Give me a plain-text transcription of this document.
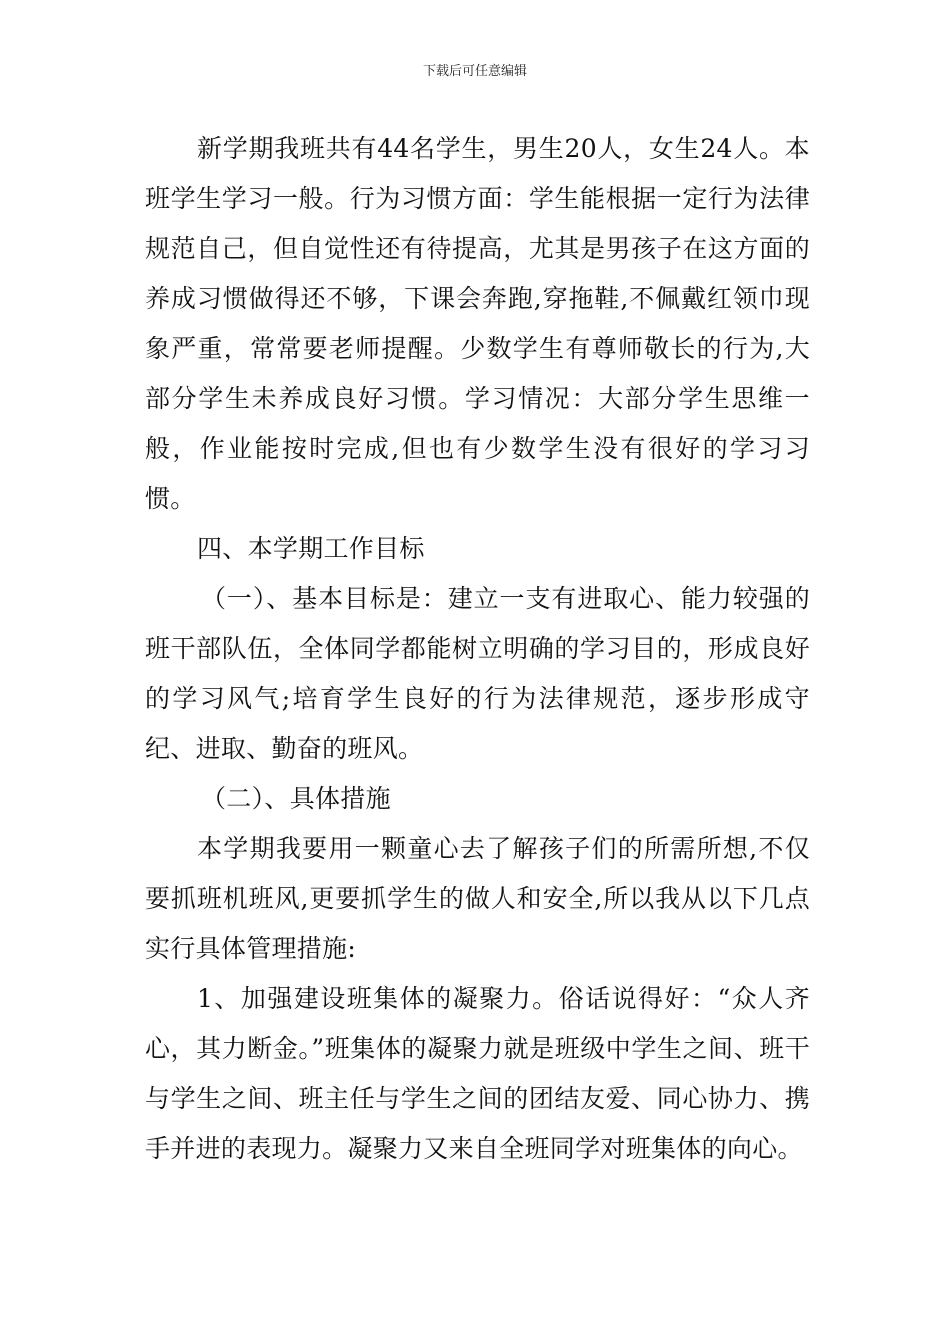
下载后可任意编辑

新学期我班共有44名学生，男生20人，女生24人。本班学生学习一般。行为习惯方面：学生能根据一定行为法律规范自己，但自觉性还有待提高，尤其是男孩子在这方面的养成习惯做得还不够，下课会奔跑,穿拖鞋,不佩戴红领巾现象严重，常常要老师提醒。少数学生有尊师敬长的行为,大部分学生未养成良好习惯。学习情况：大部分学生思维一般，作业能按时完成,但也有少数学生没有很好的学习习惯。

四、本学期工作目标

（一）、基本目标是：建立一支有进取心、能力较强的班干部队伍，全体同学都能树立明确的学习目的，形成良好的学习风气;培育学生良好的行为法律规范，逐步形成守纪、进取、勤奋的班风。

（二）、具体措施

本学期我要用一颗童心去了解孩子们的所需所想,不仅要抓班机班风,更要抓学生的做人和安全,所以我从以下几点实行具体管理措施:

1、加强建设班集体的凝聚力。俗话说得好：“众人齐心，其力断金。”班集体的凝聚力就是班级中学生之间、班干与学生之间、班主任与学生之间的团结友爱、同心协力、携手并进的表现力。凝聚力又来自全班同学对班集体的向心。
